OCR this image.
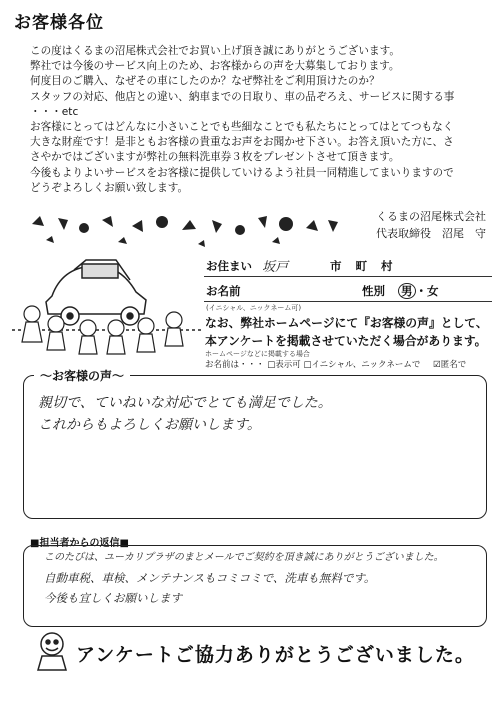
お客様各位
この度はくるまの沼尾株式会社でお買い上げ頂き誠にありがとうございます。
弊社では今後のサービス向上のため、お客様からの声を大募集しております。
何度目のご購入、なぜその車にしたのか？なぜ弊社をご利用頂けたのか？
スタッフの対応、他店との違い、納車までの日取り、車の品ぞろえ、サービスに関する事
・・・etc
お客様にとってはどんなに小さいことでも些細なことでも私たちにとってはとてつもなく
大きな財産です！是非ともお客様の貴重なお声をお聞かせ下さい。お答え頂いた方に、さ
さやかではございますが弊社の無料洗車券３枚をプレゼントさせて頂きます。
今後もよりよいサービスをお客様に提供していけるよう社員一同精進してまいりますので
どうぞよろしくお願い致します。
くるまの沼尾株式会社
代表取締役　沼尾　守
お住まい 坂戸	市 町 村
お名前	性別 男 ・女
(イニシャル、ニックネーム可)
なお、弊社ホームページにて『お客様の声』として、
本アンケートを掲載させていただく場合があります。
ホームページなどに掲載する場合
お名前は・・・ □表示可 □イニシャル、ニックネームで ☑匿名で
～お客様の声～
親切で、ていねいな対応でとても満足でした。
これからもよろしくお願いします。
■担当者からの返信■
このたびは、ユーカリプラザのまとメールでご契約を頂き誠にありがとうございました。
自動車税、車検、メンテナンスもコミコミで、洗車も無料です。
今後も宜しくお願いします
アンケートご協力ありがとうございました。
